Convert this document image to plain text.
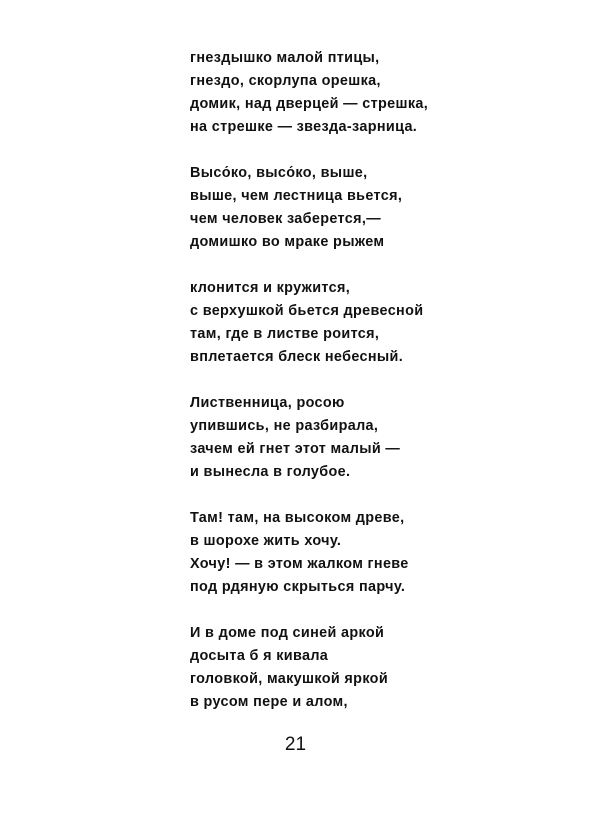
гнездышко малой птицы,
гнездо, скорлупа орешка,
домик, над дверцей — стрешка,
на стрешке — звезда-зарница.
Высо́ко, высо́ко, выше,
выше, чем лестница вьется,
чем человек заберется,—
домишко во мраке рыжем
клонится и кружится,
с верхушкой бьется древесной
там, где в листве роится,
вплетается блеск небесный.
Лиственница, росою
упившись, не разбирала,
зачем ей гнет этот малый —
и вынесла в голубое.
Там! там, на высоком древе,
в шорохе жить хочу.
Хочу! — в этом жалком гневе
под рдяную скрыться парчу.
И в доме под синей аркой
досыта б я кивала
головкой, макушкой яркой
в русом пере и алом,
21
